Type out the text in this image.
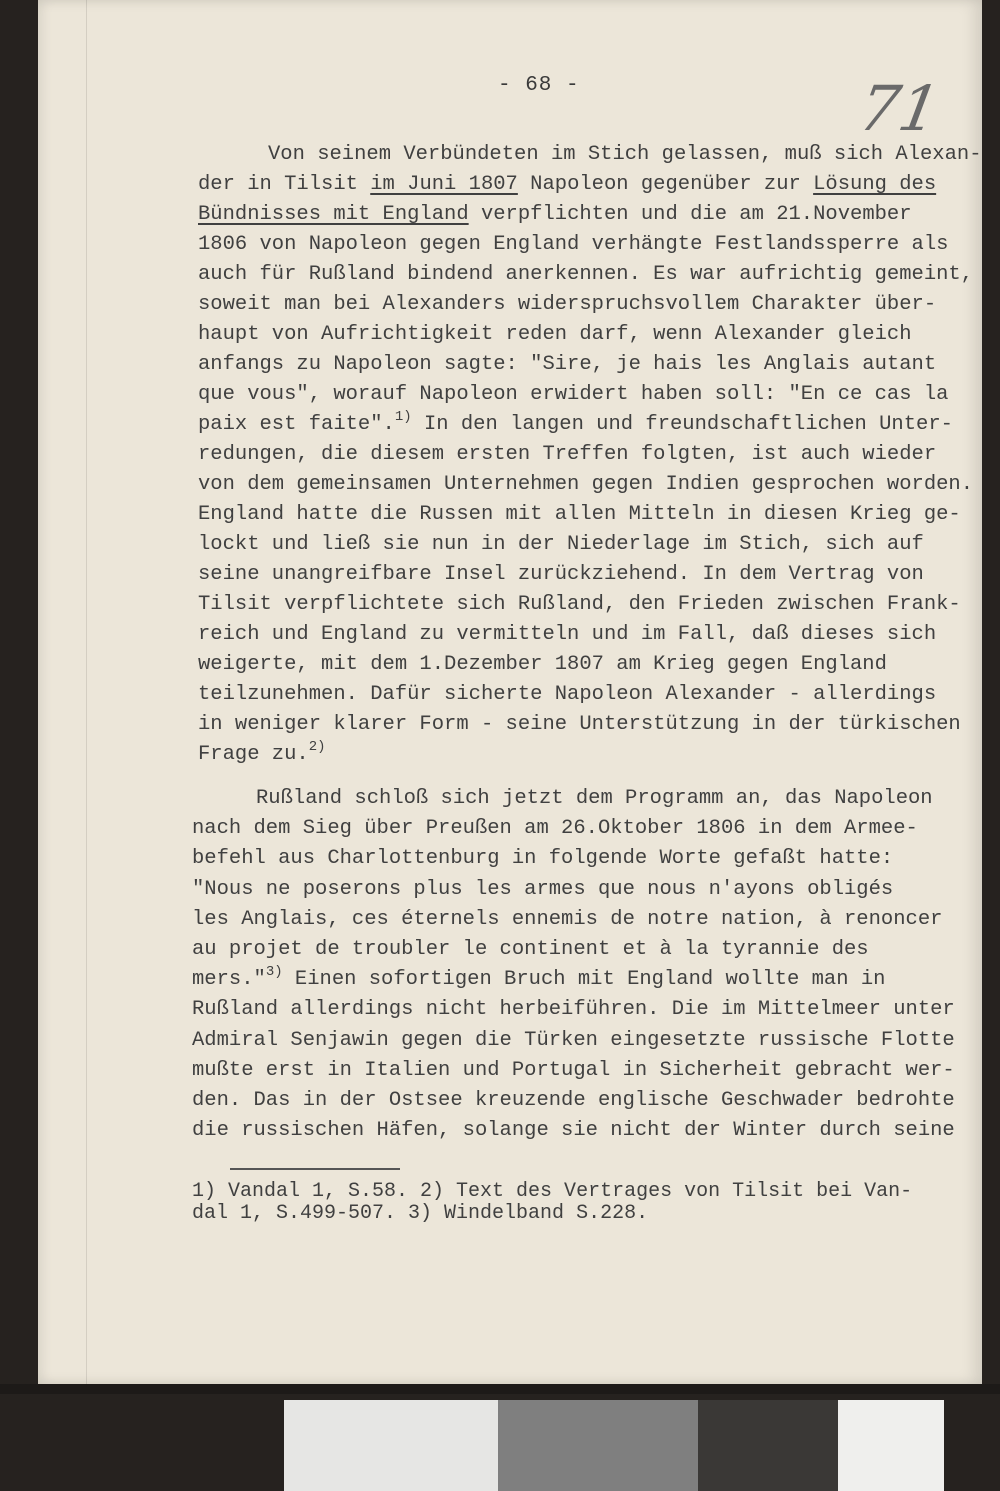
- 68 -	71
Von seinem Verbündeten im Stich gelassen, muß sich Alexan-
der in Tilsit im Juni 1807 Napoleon gegenüber zur Lösung des
Bündnisses mit England verpflichten und die am 21.November
1806 von Napoleon gegen England verhängte Festlandssperre als
auch für Rußland bindend anerkennen. Es war aufrichtig gemeint,
soweit man bei Alexanders widerspruchsvollem Charakter über-
haupt von Aufrichtigkeit reden darf, wenn Alexander gleich
anfangs zu Napoleon sagte: "Sire, je hais les Anglais autant
que vous", worauf Napoleon erwidert haben soll: "En ce cas la
paix est faite".$^{1)}$ In den langen und freundschaftlichen Unter-
redungen, die diesem ersten Treffen folgten, ist auch wieder
von dem gemeinsamen Unternehmen gegen Indien gesprochen worden.
England hatte die Russen mit allen Mitteln in diesen Krieg ge-
lockt und ließ sie nun in der Niederlage im Stich, sich auf
seine unangreifbare Insel zurückziehend. In dem Vertrag von
Tilsit verpflichtete sich Rußland, den Frieden zwischen Frank-
reich und England zu vermitteln und im Fall, daß dieses sich
weigerte, mit dem 1.Dezember 1807 am Krieg gegen England
teilzunehmen. Dafür sicherte Napoleon Alexander - allerdings
in weniger klarer Form - seine Unterstützung in der türkischen
Frage zu.$^{2)}$
Rußland schloß sich jetzt dem Programm an, das Napoleon
nach dem Sieg über Preußen am 26.Oktober 1806 in dem Armee-
befehl aus Charlottenburg in folgende Worte gefaßt hatte:
"Nous ne poserons plus les armes que nous n'ayons obligés
les Anglais, ces éternels ennemis de notre nation, à renoncer
au projet de troubler le continent et à la tyrannie des
mers."$^{3)}$ Einen sofortigen Bruch mit England wollte man in
Rußland allerdings nicht herbeiführen. Die im Mittelmeer unter
Admiral Senjawin gegen die Türken eingesetzte russische Flotte
mußte erst in Italien und Portugal in Sicherheit gebracht wer-
den. Das in der Ostsee kreuzende englische Geschwader bedrohte
die russischen Häfen, solange sie nicht der Winter durch seine
1) Vandal 1, S.58. 2) Text des Vertrages von Tilsit bei Van-
dal 1, S.499-507. 3) Windelband S.228.
